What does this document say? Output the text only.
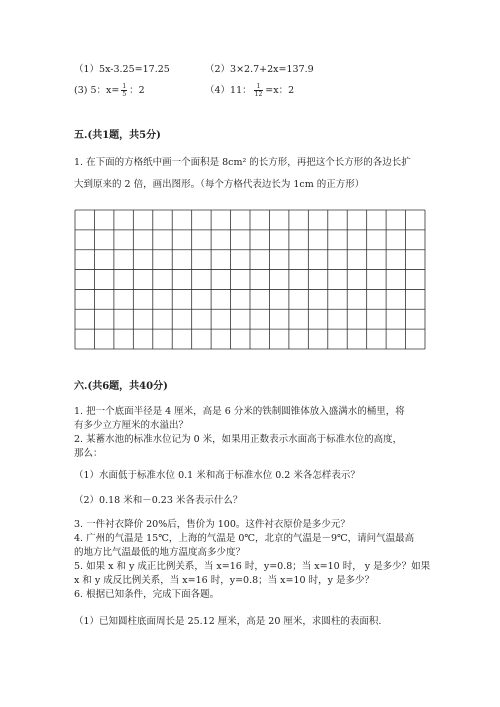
（1）5x-3.25=17.25	（2）3×2.7+2x=137.9
(3) 5：$x= \frac{1}{5}$ ：2	（4）11： $\frac{1}{12} =x$：2
五.(共1题，共5分)
1. 在下面的方格纸中画一个面积是 8cm² 的长方形，再把这个长方形的各边长扩
大到原来的 2 倍，画出图形。（每个方格代表边长为 1cm 的正方形）
六.(共6题，共40分)
1. 把一个底面半径是 4 厘米，高是 6 分米的铁制圆锥体放入盛满水的桶里，将
有多少立方厘米的水溢出？
2. 某蓄水池的标准水位记为 0 米，如果用正数表示水面高于标准水位的高度，
那么：
（1）水面低于标准水位 0.1 米和高于标准水位 0.2 米各怎样表示？
（2）0.18 米和－0.23 米各表示什么？
3. 一件衬衣降价 20%后，售价为 100。这件衬衣原价是多少元？
4. 广州的气温是 15℃，上海的气温是 0℃，北京的气温是－9℃，请问气温最高
的地方比气温最低的地方温度高多少度？
5. 如果 x 和 y 成正比例关系，当 x=16 时，y=0.8；当 x=10 时， y 是多少？如果
x 和 y 成反比例关系，当 x=16 时，y=0.8；当 x=10 时，y 是多少？
6. 根据已知条件，完成下面各题。
（1）已知圆柱底面周长是 25.12 厘米，高是 20 厘米，求圆柱的表面积.
